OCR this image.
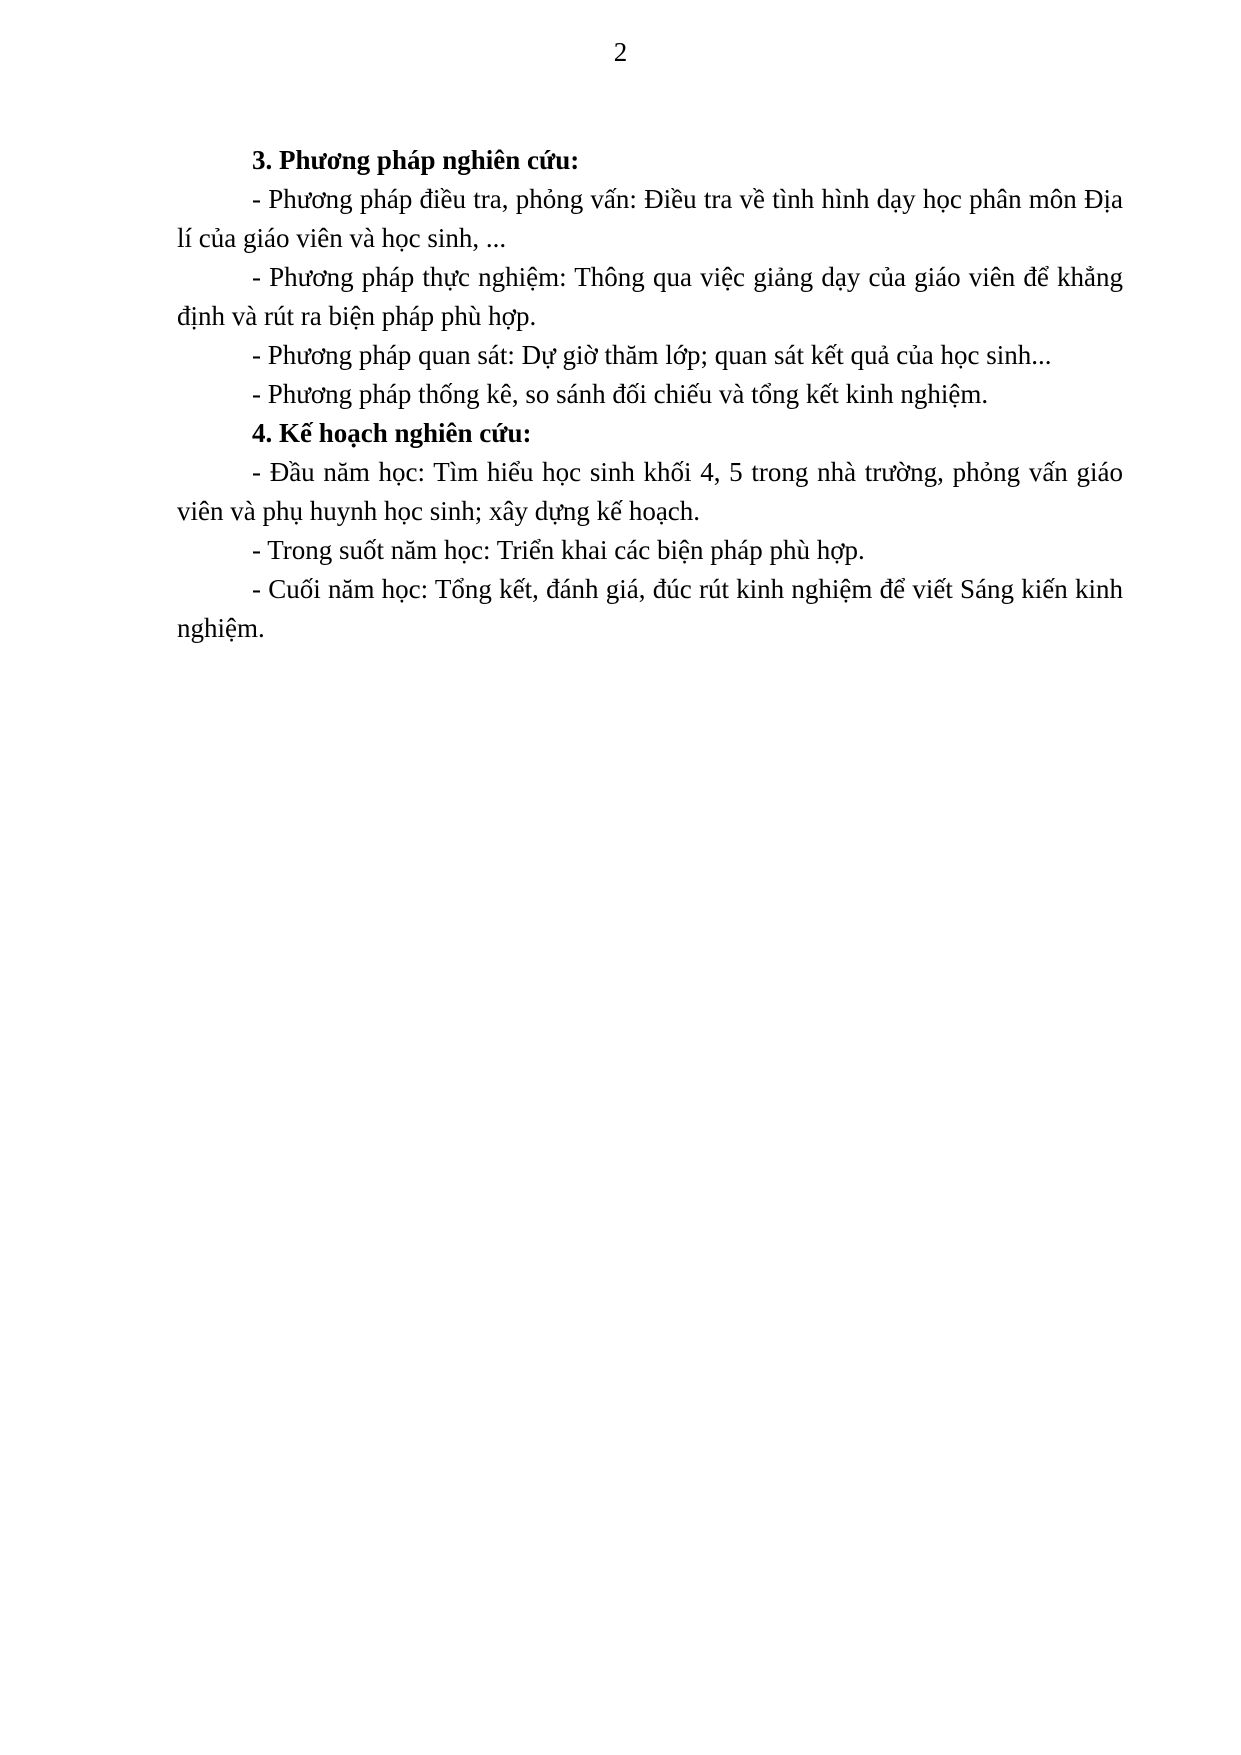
2

3. Phương pháp nghiên cứu:

- Phương pháp điều tra, phỏng vấn: Điều tra về tình hình dạy học phân môn Địa lí của giáo viên và học sinh, ...

- Phương pháp thực nghiệm: Thông qua việc giảng dạy của giáo viên để khẳng định và rút ra biện pháp phù hợp.

- Phương pháp quan sát: Dự giờ thăm lớp; quan sát kết quả của học sinh...

- Phương pháp thống kê, so sánh đối chiếu và tổng kết kinh nghiệm.

4. Kế hoạch nghiên cứu:

- Đầu năm học: Tìm hiểu học sinh khối 4, 5 trong nhà trường, phỏng vấn giáo viên và phụ huynh học sinh; xây dựng kế hoạch.

- Trong suốt năm học: Triển khai các biện pháp phù hợp.

- Cuối năm học: Tổng kết, đánh giá, đúc rút kinh nghiệm để viết Sáng kiến kinh nghiệm.
